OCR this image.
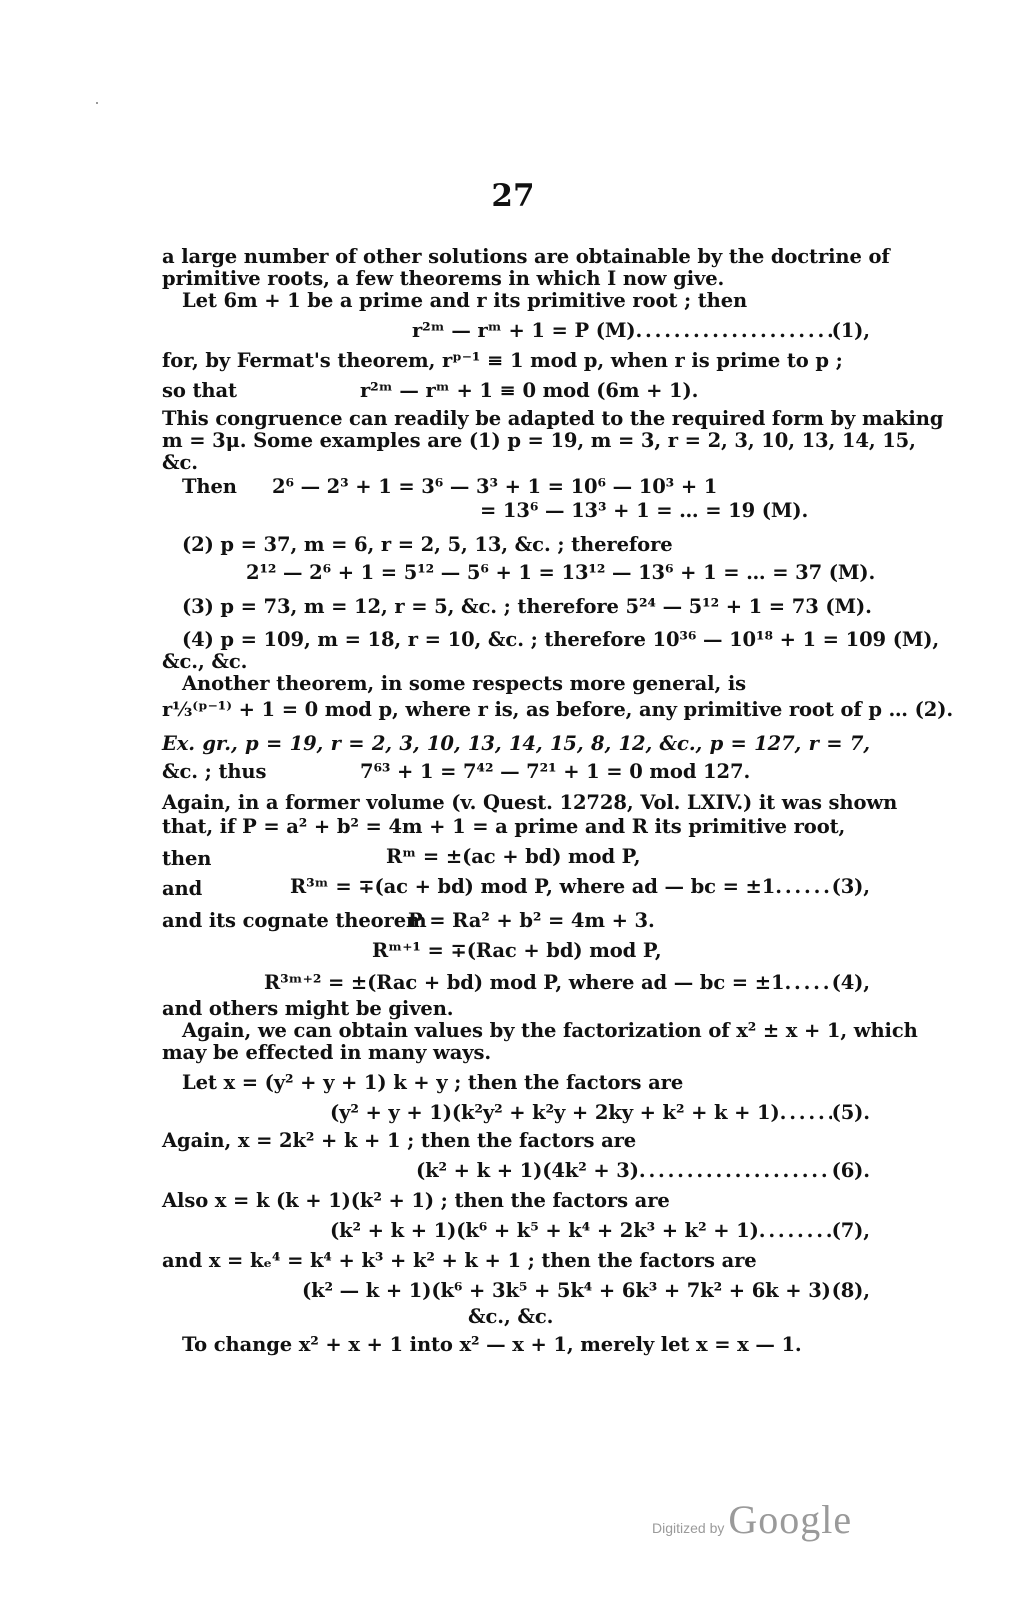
27
a large number of other solutions are obtainable by the doctrine of
primitive roots, a few theorems in which I now give.
Let 6m + 1 be a prime and r its primitive root ; then
r²ᵐ — rᵐ + 1 = P (M) . . .	(1),
for, by Fermat's theorem, rᵖ⁻¹ ≡ 1 mod p, when r is prime to p ;
so that	r²ᵐ — rᵐ + 1 ≡ 0 mod (6m + 1).
This congruence can readily be adapted to the required form by making
m = 3μ. Some examples are (1) p = 19, m = 3, r = 2, 3, 10, 13, 14, 15,
&c.
Then 2⁶ — 2³ + 1 = 3⁶ — 3³ + 1 = 10⁶ — 10³ + 1
= 13⁶ — 13³ + 1 = … = 19 (M).
(2) p = 37, m = 6, r = 2, 5, 13, &c. ; therefore
2¹² — 2⁶ + 1 = 5¹² — 5⁶ + 1 = 13¹² — 13⁶ + 1 = … = 37 (M).
(3) p = 73, m = 12, r = 5, &c. ; therefore 5²⁴ — 5¹² + 1 = 73 (M).
(4) p = 109, m = 18, r = 10, &c. ; therefore 10³⁶ — 10¹⁸ + 1 = 109 (M),
&c., &c.
Another theorem, in some respects more general, is
r⅓⁽ᵖ⁻¹⁾ + 1 = 0 mod p, where r is, as before, any primitive root of p … (2).
Ex. gr., p = 19, r = 2, 3, 10, 13, 14, 15, 8, 12, &c., p = 127, r = 7,
&c. ; thus	7⁶³ + 1 = 7⁴² — 7²¹ + 1 = 0 mod 127.
Again, in a former volume (v. Quest. 12728, Vol. LXIV.) it was shown
that, if P = a² + b² = 4m + 1 = a prime and R its primitive root,
then	Rᵐ = ±(ac + bd) mod P,
and	R³ᵐ = ∓(ac + bd) mod P, where ad — bc = ±1 . . .	(3),
and its cognate theorem
P = Ra² + b² = 4m + 3.
Rᵐ⁺¹ = ∓(Rac + bd) mod P,
R³ᵐ⁺² = ±(Rac + bd) mod P, where ad — bc = ±1 . . . (4),
and others might be given.
Again, we can obtain values by the factorization of x² ± x + 1, which
may be effected in many ways.
Let x = (y² + y + 1) k + y ; then the factors are
(y² + y + 1)(k²y² + k²y + 2ky + k² + k + 1) . . .	(5).
Again, x = 2k² + k + 1 ; then the factors are
(k² + k + 1)(4k² + 3) . . .	(6).
Also x = k (k + 1)(k² + 1) ; then the factors are
(k² + k + 1)(k⁶ + k⁵ + k⁴ + 2k³ + k² + 1) . . .	(7),
and x = kₑ⁴ = k⁴ + k³ + k² + k + 1 ; then the factors are
(k² — k + 1)(k⁶ + 3k⁵ + 5k⁴ + 6k³ + 7k² + 6k + 3) . . . (8),
&c., &c.
To change x² + x + 1 into x² — x + 1, merely let x = x — 1.
Digitized by Google
